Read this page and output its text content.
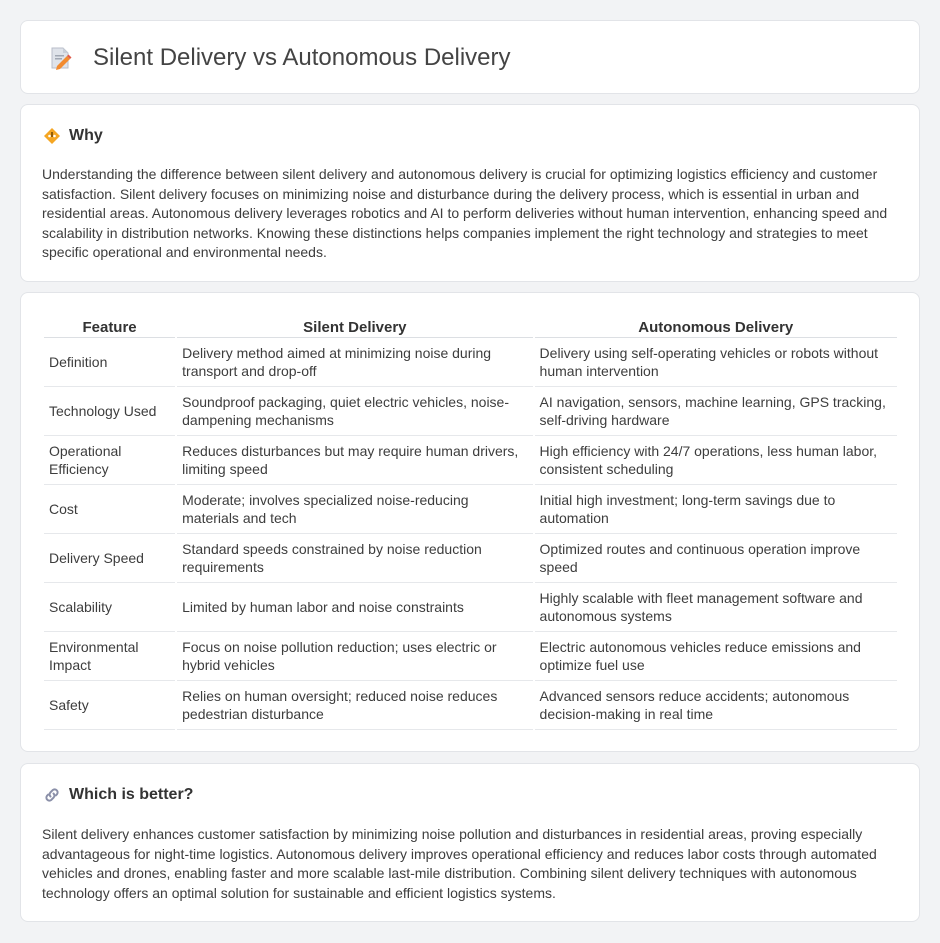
Silent Delivery vs Autonomous Delivery
Why

Understanding the difference between silent delivery and autonomous delivery is crucial for optimizing logistics efficiency and customer satisfaction. Silent delivery focuses on minimizing noise and disturbance during the delivery process, which is essential in urban and residential areas. Autonomous delivery leverages robotics and AI to perform deliveries without human intervention, enhancing speed and scalability in distribution networks. Knowing these distinctions helps companies implement the right technology and strategies to meet specific operational and environmental needs.

Feature	Silent Delivery	Autonomous Delivery
Definition	Delivery method aimed at minimizing noise during transport and drop-off	Delivery using self-operating vehicles or robots without human intervention
Technology Used	Soundproof packaging, quiet electric vehicles, noise-dampening mechanisms	AI navigation, sensors, machine learning, GPS tracking, self-driving hardware
Operational Efficiency	Reduces disturbances but may require human drivers, limiting speed	High efficiency with 24/7 operations, less human labor, consistent scheduling
Cost	Moderate; involves specialized noise-reducing materials and tech	Initial high investment; long-term savings due to automation
Delivery Speed	Standard speeds constrained by noise reduction requirements	Optimized routes and continuous operation improve speed
Scalability	Limited by human labor and noise constraints	Highly scalable with fleet management software and autonomous systems
Environmental Impact	Focus on noise pollution reduction; uses electric or hybrid vehicles	Electric autonomous vehicles reduce emissions and optimize fuel use
Safety	Relies on human oversight; reduced noise reduces pedestrian disturbance	Advanced sensors reduce accidents; autonomous decision-making in real time
Which is better?

Silent delivery enhances customer satisfaction by minimizing noise pollution and disturbances in residential areas, proving especially advantageous for night-time logistics. Autonomous delivery improves operational efficiency and reduces labor costs through automated vehicles and drones, enabling faster and more scalable last-mile distribution. Combining silent delivery techniques with autonomous technology offers an optimal solution for sustainable and efficient logistics systems.
